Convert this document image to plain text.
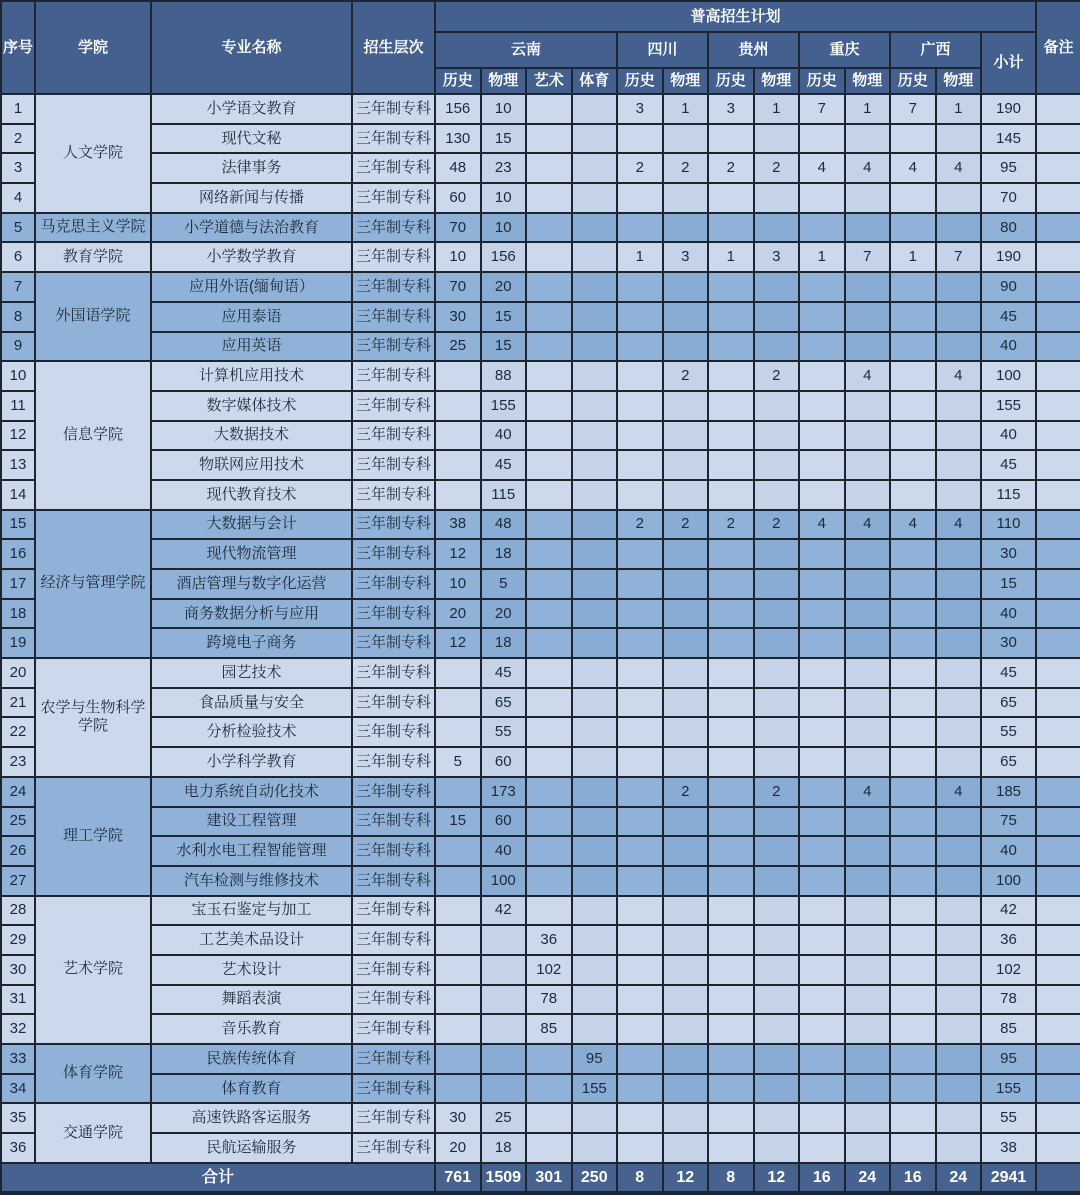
序号	学院	专业名称	招生层次	普高招生计划													备注
				云南				四川		贵州		重庆		广西		小计	
				历史	物理	艺术	体育	历史	物理	历史	物理	历史	物理	历史	物理		
1	人文学院	小学语文教育	三年制专科	156	10			3	1	3	1	7	1	7	1	190	
2		现代文秘	三年制专科	130	15											145	
3		法律事务	三年制专科	48	23			2	2	2	2	4	4	4	4	95	
4		网络新闻与传播	三年制专科	60	10											70	
5	马克思主义学院	小学道德与法治教育	三年制专科	70	10											80	
6	教育学院	小学数学教育	三年制专科	10	156			1	3	1	3	1	7	1	7	190	
7	外国语学院	应用外语(缅甸语）	三年制专科	70	20											90	
8		应用泰语	三年制专科	30	15											45	
9		应用英语	三年制专科	25	15											40	
10	信息学院	计算机应用技术	三年制专科		88				2		2		4		4	100	
11		数字媒体技术	三年制专科		155											155	
12		大数据技术	三年制专科		40											40	
13		物联网应用技术	三年制专科		45											45	
14		现代教育技术	三年制专科		115											115	
15	经济与管理学院	大数据与会计	三年制专科	38	48			2	2	2	2	4	4	4	4	110	
16		现代物流管理	三年制专科	12	18											30	
17		酒店管理与数字化运营	三年制专科	10	5											15	
18		商务数据分析与应用	三年制专科	20	20											40	
19		跨境电子商务	三年制专科	12	18											30	
20	农学与生物科学学院	园艺技术	三年制专科		45											45	
21		食品质量与安全	三年制专科		65											65	
22		分析检验技术	三年制专科		55											55	
23		小学科学教育	三年制专科	5	60											65	
24	理工学院	电力系统自动化技术	三年制专科		173				2		2		4		4	185	
25		建设工程管理	三年制专科	15	60											75	
26		水利水电工程智能管理	三年制专科		40											40	
27		汽车检测与维修技术	三年制专科		100											100	
28	艺术学院	宝玉石鉴定与加工	三年制专科		42											42	
29		工艺美术品设计	三年制专科			36										36	
30		艺术设计	三年制专科			102										102	
31		舞蹈表演	三年制专科			78										78	
32		音乐教育	三年制专科			85										85	
33	体育学院	民族传统体育	三年制专科				95									95	
34		体育教育	三年制专科				155									155	
35	交通学院	高速铁路客运服务	三年制专科	30	25											55	
36		民航运输服务	三年制专科	20	18											38	
合计				761	1509	301	250	8	12	8	12	16	24	16	24	2941	
